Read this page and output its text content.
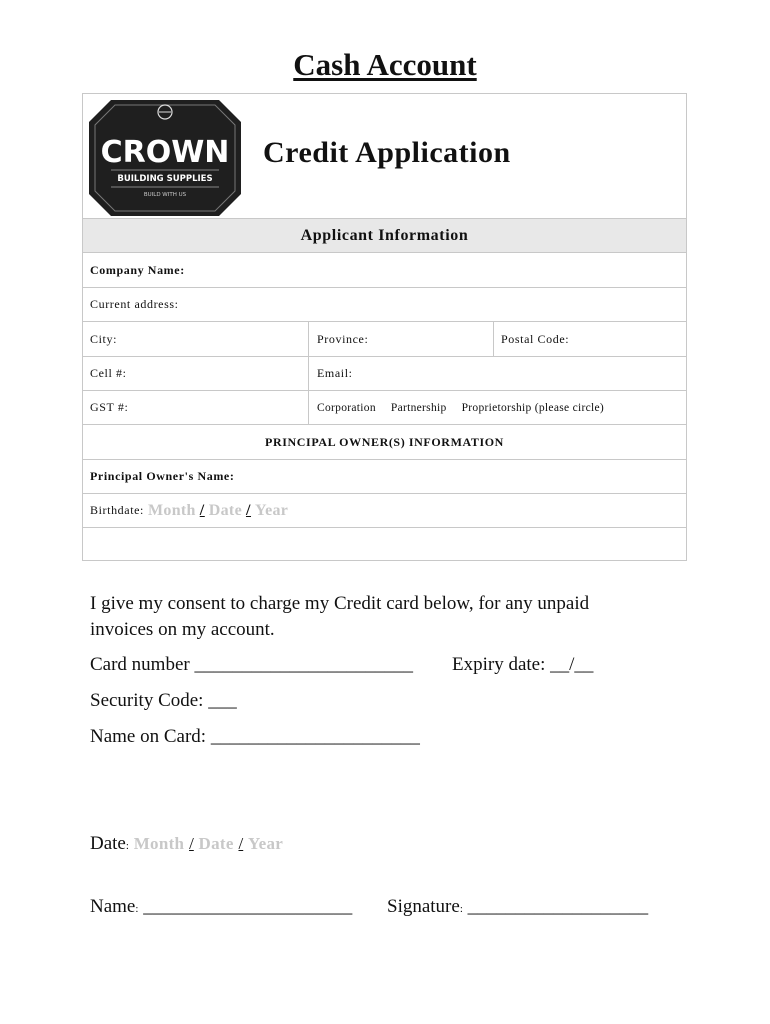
Cash Account
CROWN
BUILDING SUPPLIES
BUILD WITH US
Credit Application
Applicant Information
Company Name:
Current address:
City:	Province:	Postal Code:
Cell #:	Email:
GST #:	Corporation Partnership Proprietorship (please circle)
PRINCIPAL OWNER(S) INFORMATION
Principal Owner's Name:
Birthdate: Month / Date / Year
I give my consent to charge my Credit card below, for any unpaid invoices on my account.
Card number _______________________ Expiry date: __/__
Security Code: ___
Name on Card: ______________________
Date: Month / Date / Year
Name: ______________________ Signature: ___________________
